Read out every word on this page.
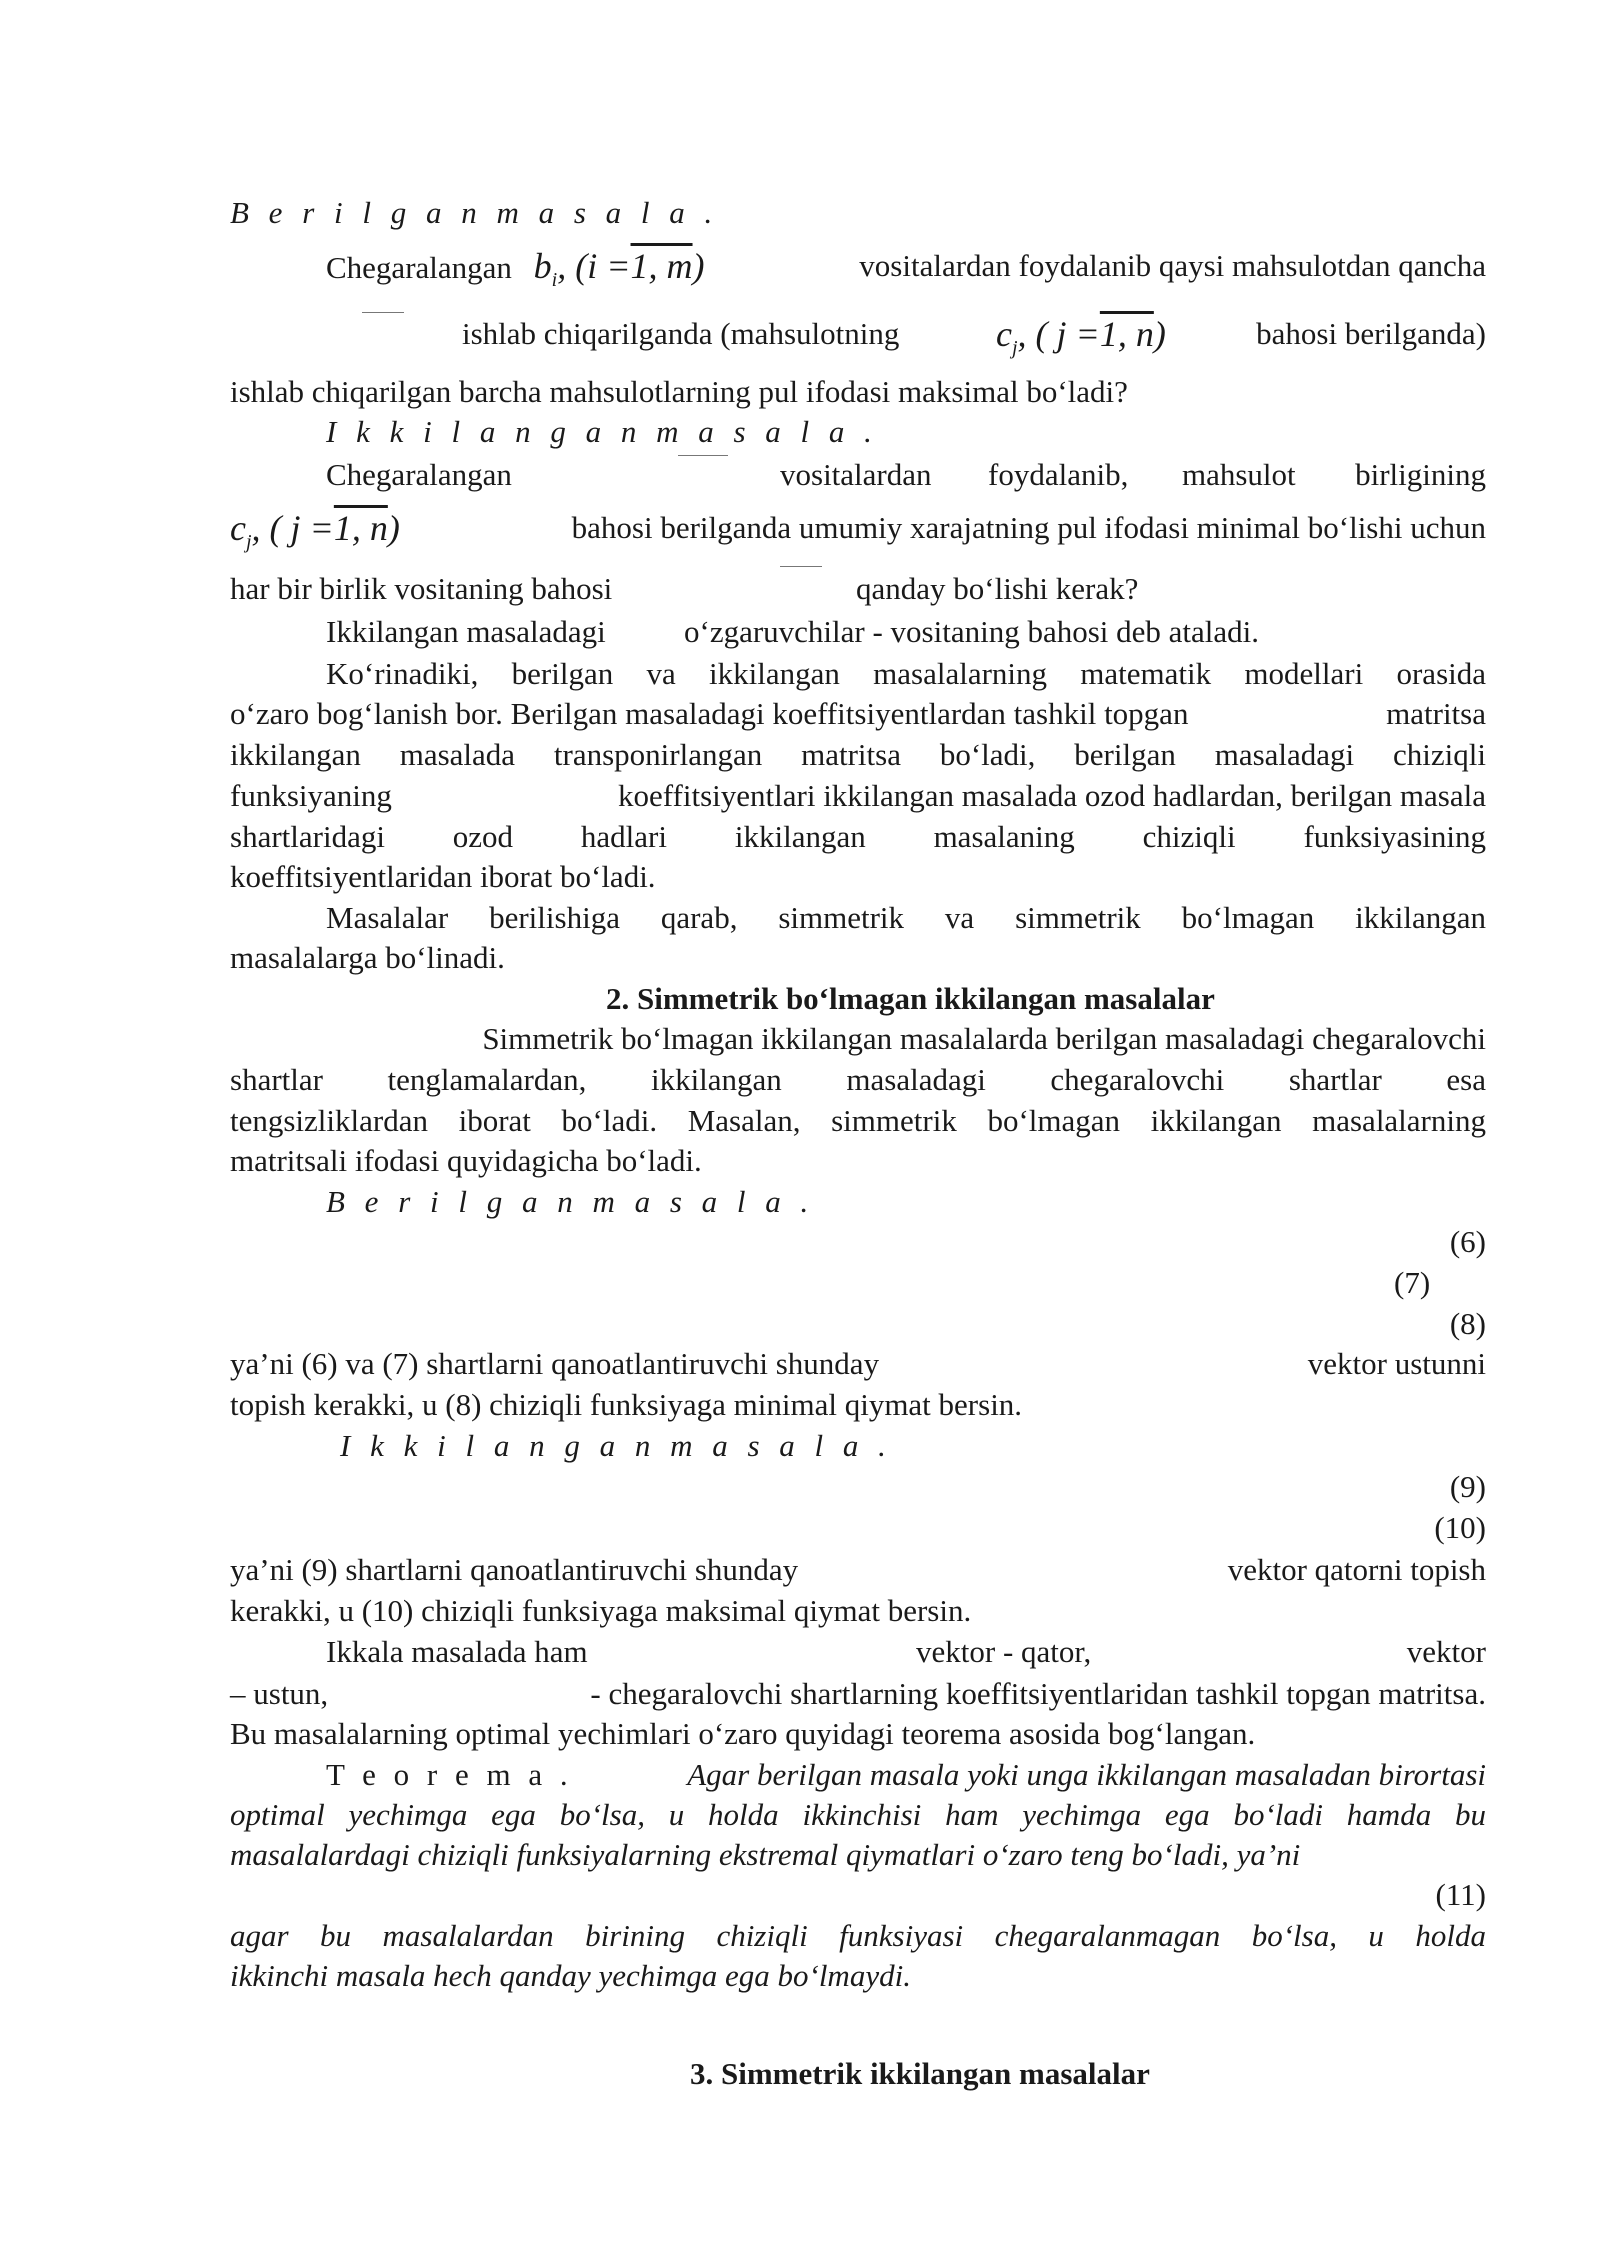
B e r i l g a n m a s a l a .
Chegaralangan $b_i$, (i =1, m)	vositalardan foydalanib qaysi mahsulotdan qancha
ishlab chiqarilganda (mahsulotning	$c_j$, ( j =1, n)	bahosi berilganda)
ishlab chiqarilgan barcha mahsulotlarning pul ifodasi maksimal bo‘ladi?
I k k i l a n g a n m a s a l a .
Chegaralangan	vositalardan foydalanib, mahsulot birligining
$c_j$, ( j =1, n)	bahosi berilganda umumiy xarajatning pul ifodasi minimal bo‘lishi uchun
har bir birlik vositaning bahosi	qanday bo‘lishi kerak?
Ikkilangan masaladagi	o‘zgaruvchilar - vositaning bahosi deb ataladi.
Ko‘rinadiki, berilgan va ikkilangan masalalarning matematik modellari orasida
o‘zaro bog‘lanish bor. Berilgan masaladagi koeffitsiyentlardan tashkil topgan	matritsa
ikkilangan masalada transponirlangan matritsa bo‘ladi, berilgan masaladagi chiziqli
funksiyaning	koeffitsiyentlari ikkilangan masalada ozod hadlardan, berilgan masala
shartlaridagi ozod hadlari ikkilangan masalaning chiziqli funksiyasining
koeffitsiyentlaridan iborat bo‘ladi.
Masalalar berilishiga qarab, simmetrik va simmetrik bo‘lmagan ikkilangan
masalalarga bo‘linadi.
2. Simmetrik bo‘lmagan ikkilangan masalalar
Simmetrik bo‘lmagan ikkilangan masalalarda berilgan masaladagi chegaralovchi
shartlar tenglamalardan, ikkilangan masaladagi chegaralovchi shartlar esa
tengsizliklardan iborat bo‘ladi. Masalan, simmetrik bo‘lmagan ikkilangan masalalarning
matritsali ifodasi quyidagicha bo‘ladi.
B e r i l g a n m a s a l a .
(6)
(7)
(8)
ya’ni (6) va (7) shartlarni qanoatlantiruvchi shunday	vektor ustunni
topish kerakki, u (8) chiziqli funksiyaga minimal qiymat bersin.
I k k i l a n g a n m a s a l a .
(9)
(10)
ya’ni (9) shartlarni qanoatlantiruvchi shunday	vektor qatorni topish
kerakki, u (10) chiziqli funksiyaga maksimal qiymat bersin.
Ikkala masalada ham	vektor - qator,	vektor
– ustun,	- chegaralovchi shartlarning koeffitsiyentlaridan tashkil topgan matritsa.
Bu masalalarning optimal yechimlari o‘zaro quyidagi teorema asosida bog‘langan.
T e o r e m a .	Agar berilgan masala yoki unga ikkilangan masaladan birortasi
optimal yechimga ega bo‘lsa, u holda ikkinchisi ham yechimga ega bo‘ladi hamda bu
masalalardagi chiziqli funksiyalarning ekstremal qiymatlari o‘zaro teng bo‘ladi, ya’ni
(11)
agar bu masalalardan birining chiziqli funksiyasi chegaralanmagan bo‘lsa, u holda
ikkinchi masala hech qanday yechimga ega bo‘lmaydi.
3. Simmetrik ikkilangan masalalar
